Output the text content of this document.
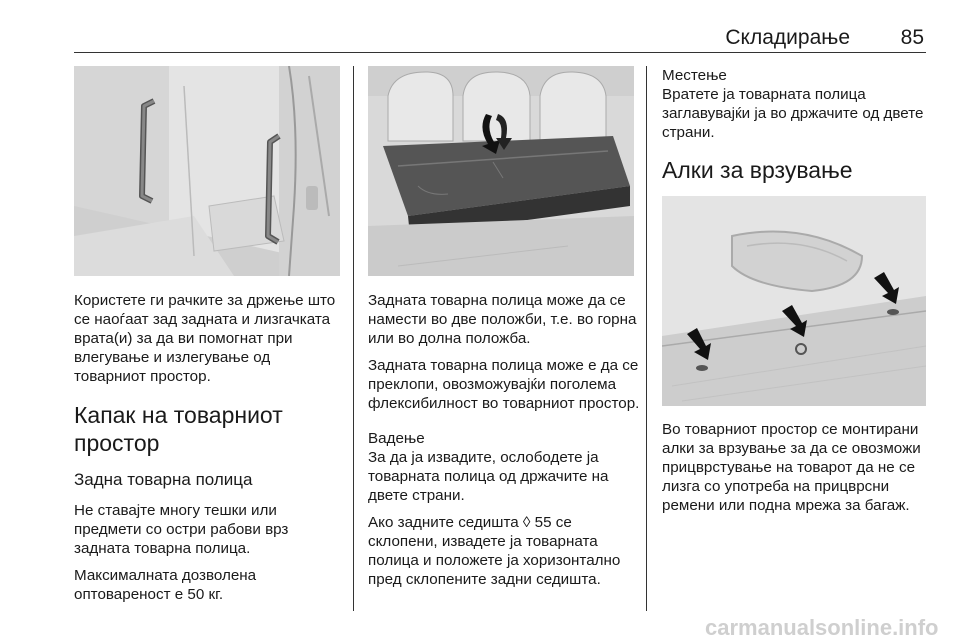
Складирање	85

Користете ги рачките за држење што се наоѓаат зад задната и лизгачката врата(и) за да ви помогнат при влегување и излегување од товарниот простор.

Капак на товарниот простор
Задна товарна полица

Не ставајте многу тешки или предмети со остри рабови врз задната товарна полица.

Максималната дозволена оптовареност е 50 кг.

Задната товарна полица може да се намести во две положби, т.е. во горна или во долна положба.

Задната товарна полица може е да се преклопи, овозможувајќи поголема флексибилност во товарниот простор.

Вадење

За да ја извадите, ослободете ја товарната полица од држачите на двете страни.

Ако задните седишта ◊ 55 се склопени, извадете ја товарната полица и положете ја хоризонтално пред склопените задни седишта.

Местење

Вратете ја товарната полица заглавувајќи ја во држачите од двете страни.

Алки за врзување

Во товарниот простор се монтирани алки за врзување за да се овозможи прицврстување на товарот да не се лизга со употреба на прицврсни ремени или подна мрежа за багаж.

carmanualsonline.info
